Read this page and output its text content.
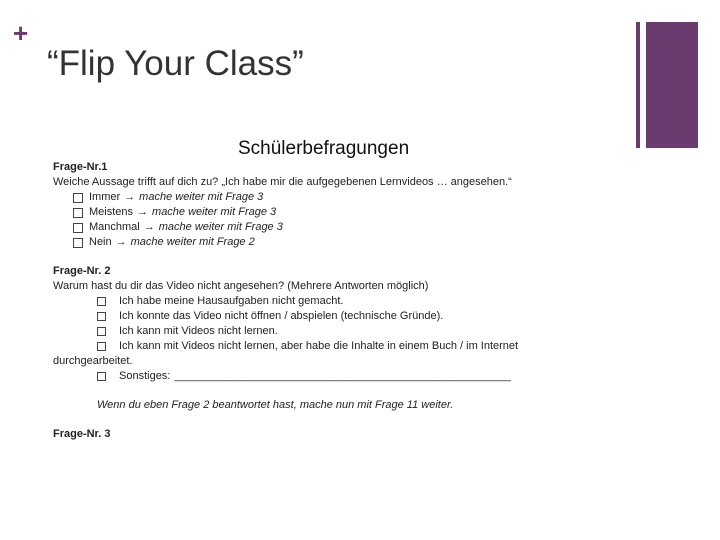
+
“Flip Your Class”
Schülerbefragungen
Frage-Nr.1
Weiche Aussage trifft auf dich zu? „Ich habe mir die aufgegebenen Lernvideos … angesehen.“
Immer → mache weiter mit Frage 3
Meistens → mache weiter mit Frage 3
Manchmal → mache weiter mit Frage 3
Nein → mache weiter mit Frage 2
Frage-Nr. 2
Warum hast du dir das Video nicht angesehen? (Mehrere Antworten möglich)
Ich habe meine Hausaufgaben nicht gemacht.
Ich konnte das Video nicht öffnen / abspielen (technische Gründe).
Ich kann mit Videos nicht lernen.
Ich kann mit Videos nicht lernen, aber habe die Inhalte in einem Buch / im Internet
durchgearbeitet.
Sonstiges: _______________________________________________________
Wenn du eben Frage 2 beantwortet hast, mache nun mit Frage 11 weiter.
Frage-Nr. 3
